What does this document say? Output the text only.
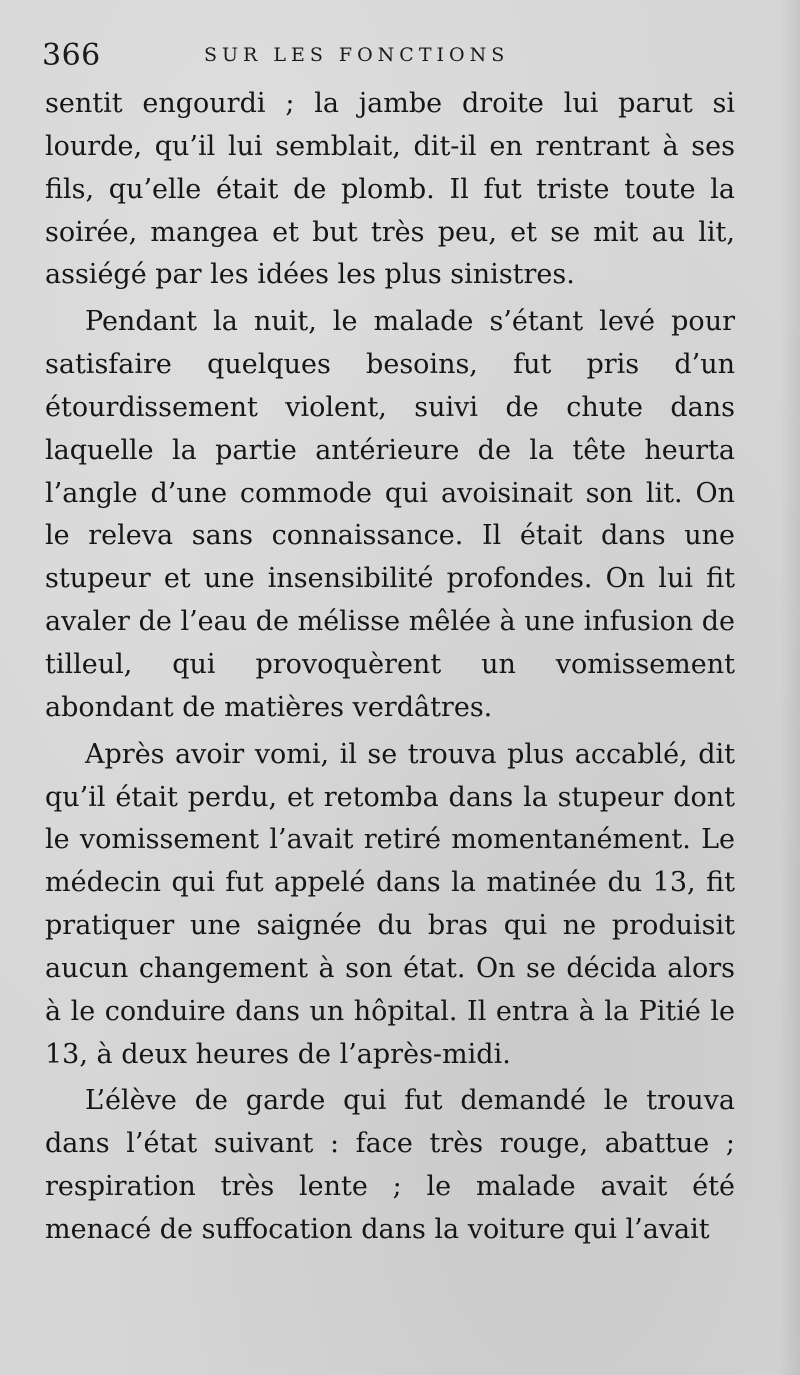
366	SUR LES FONCTIONS

sentit engourdi ; la jambe droite lui parut si lourde, qu’il lui semblait, dit-il en rentrant à ses fils, qu’elle était de plomb. Il fut triste toute la soirée, mangea et but très peu, et se mit au lit, assiégé par les idées les plus sinistres.

Pendant la nuit, le malade s’étant levé pour satisfaire quelques besoins, fut pris d’un étourdissement violent, suivi de chute dans laquelle la partie antérieure de la tête heurta l’angle d’une commode qui avoisinait son lit. On le releva sans connaissance. Il était dans une stupeur et une insensibilité profondes. On lui fit avaler de l’eau de mélisse mêlée à une infusion de tilleul, qui provoquèrent un vomissement abondant de matières verdâtres.

Après avoir vomi, il se trouva plus accablé, dit qu’il était perdu, et retomba dans la stupeur dont le vomissement l’avait retiré momentanément. Le médecin qui fut appelé dans la matinée du 13, fit pratiquer une saignée du bras qui ne produisit aucun changement à son état. On se décida alors à le conduire dans un hôpital. Il entra à la Pitié le 13, à deux heures de l’après-midi.

L’élève de garde qui fut demandé le trouva dans l’état suivant : face très rouge, abattue ; respiration très lente ; le malade avait été menacé de suffocation dans la voiture qui l’avait
